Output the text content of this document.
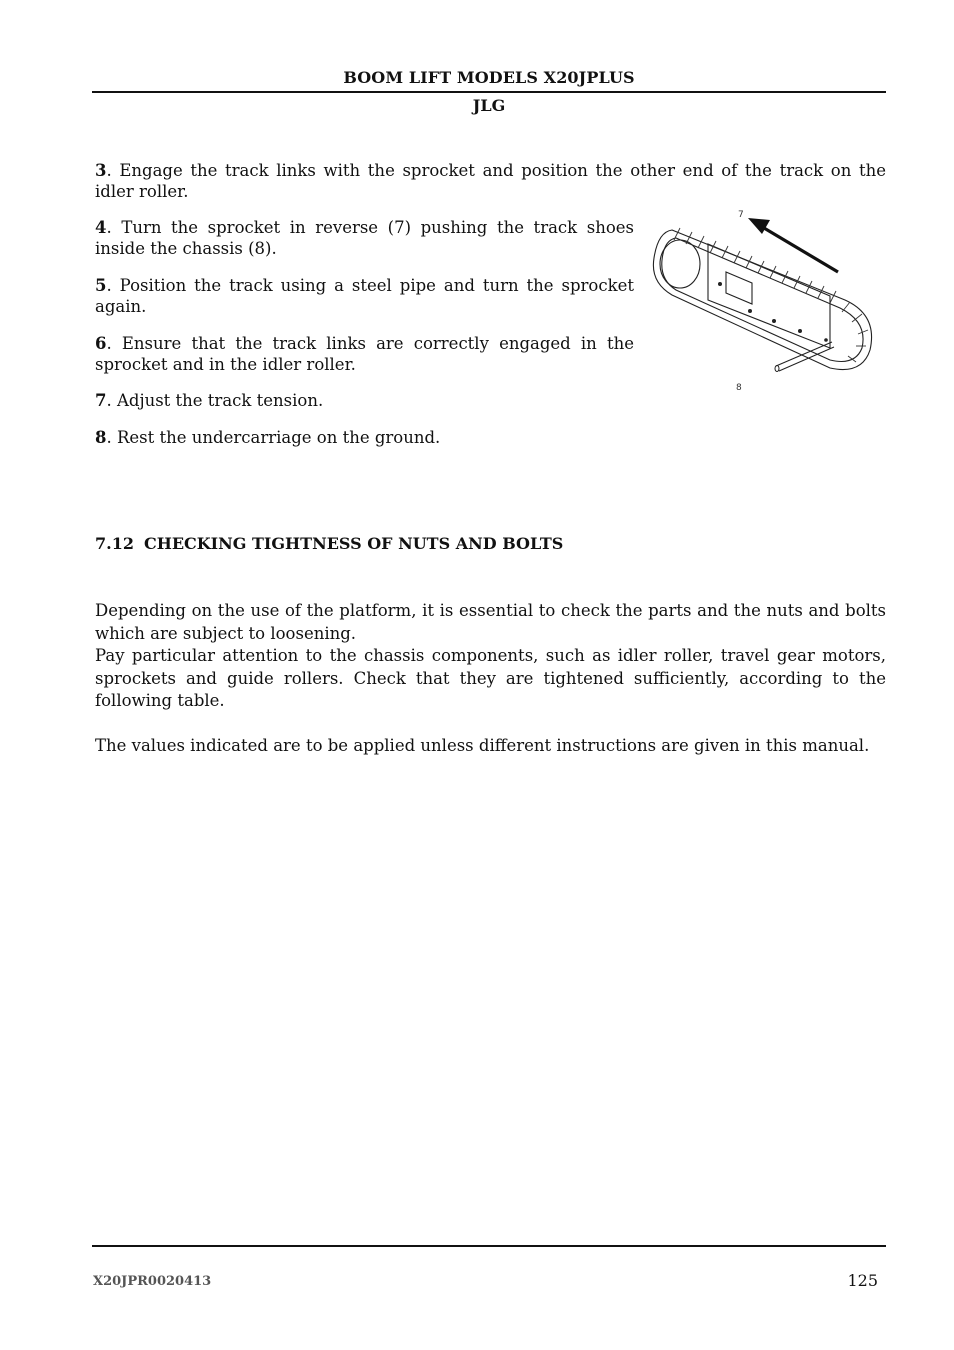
BOOM LIFT MODELS X20JPLUS
JLG

3. Engage the track links with the sprocket and position the other end of the track on the idler roller.

4. Turn the sprocket in reverse (7) pushing the track shoes inside the chassis (8).

5. Position the track using a steel pipe and turn the sprocket again.

6. Ensure that the track links are correctly engaged in the sprocket and in the idler roller.

7. Adjust the track tension.

8. Rest the undercarriage on the ground.

7
8
7.12 CHECKING TIGHTNESS OF NUTS AND BOLTS

Depending on the use of the platform, it is essential to check the parts and the nuts and bolts which are subject to loosening.

Pay particular attention to the chassis components, such as idler roller, travel gear motors, sprockets and guide rollers. Check that they are tightened sufficiently, according to the following table.

The values indicated are to be applied unless different instructions are given in this manual.

X20JPR0020413	125
